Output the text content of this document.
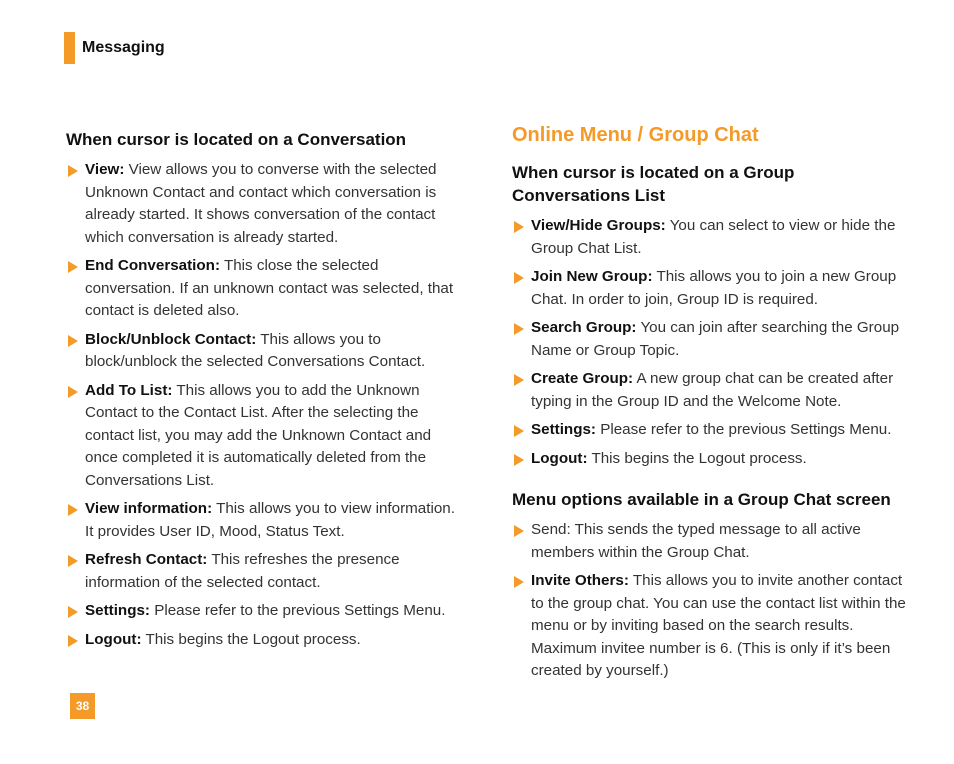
Messaging
When cursor is located on a Conversation
View: View allows you to converse with the selected Unknown Contact and contact which conversation is already started. It shows conversation of the contact which conversation is already started.
End Conversation: This close the selected conversation. If an unknown contact was selected, that contact is deleted also.
Block/Unblock Contact: This allows you to block/unblock the selected Conversations Contact.
Add To List: This allows you to add the Unknown Contact to the Contact List. After the selecting the contact list, you may add the Unknown Contact and once completed it is automatically deleted from the Conversations List.
View information: This allows you to view information. It provides User ID, Mood, Status Text.
Refresh Contact: This refreshes the presence information of the selected contact.
Settings: Please refer to the previous Settings Menu.
Logout: This begins the Logout process.
Online Menu / Group Chat
When cursor is located on a Group Conversations List
View/Hide Groups: You can select to view or hide the Group Chat List.
Join New Group: This allows you to join a new Group Chat. In order to join, Group ID is required.
Search Group: You can join after searching the Group Name or Group Topic.
Create Group: A new group chat can be created after typing in the Group ID and the Welcome Note.
Settings: Please refer to the previous Settings Menu.
Logout: This begins the Logout process.
Menu options available in a Group Chat screen
Send: This sends the typed message to all active members within the Group Chat.
Invite Others: This allows you to invite another contact to the group chat. You can use the contact list within the menu or by inviting based on the search results. Maximum invitee number is 6. (This is only if it’s been created by yourself.)
38
